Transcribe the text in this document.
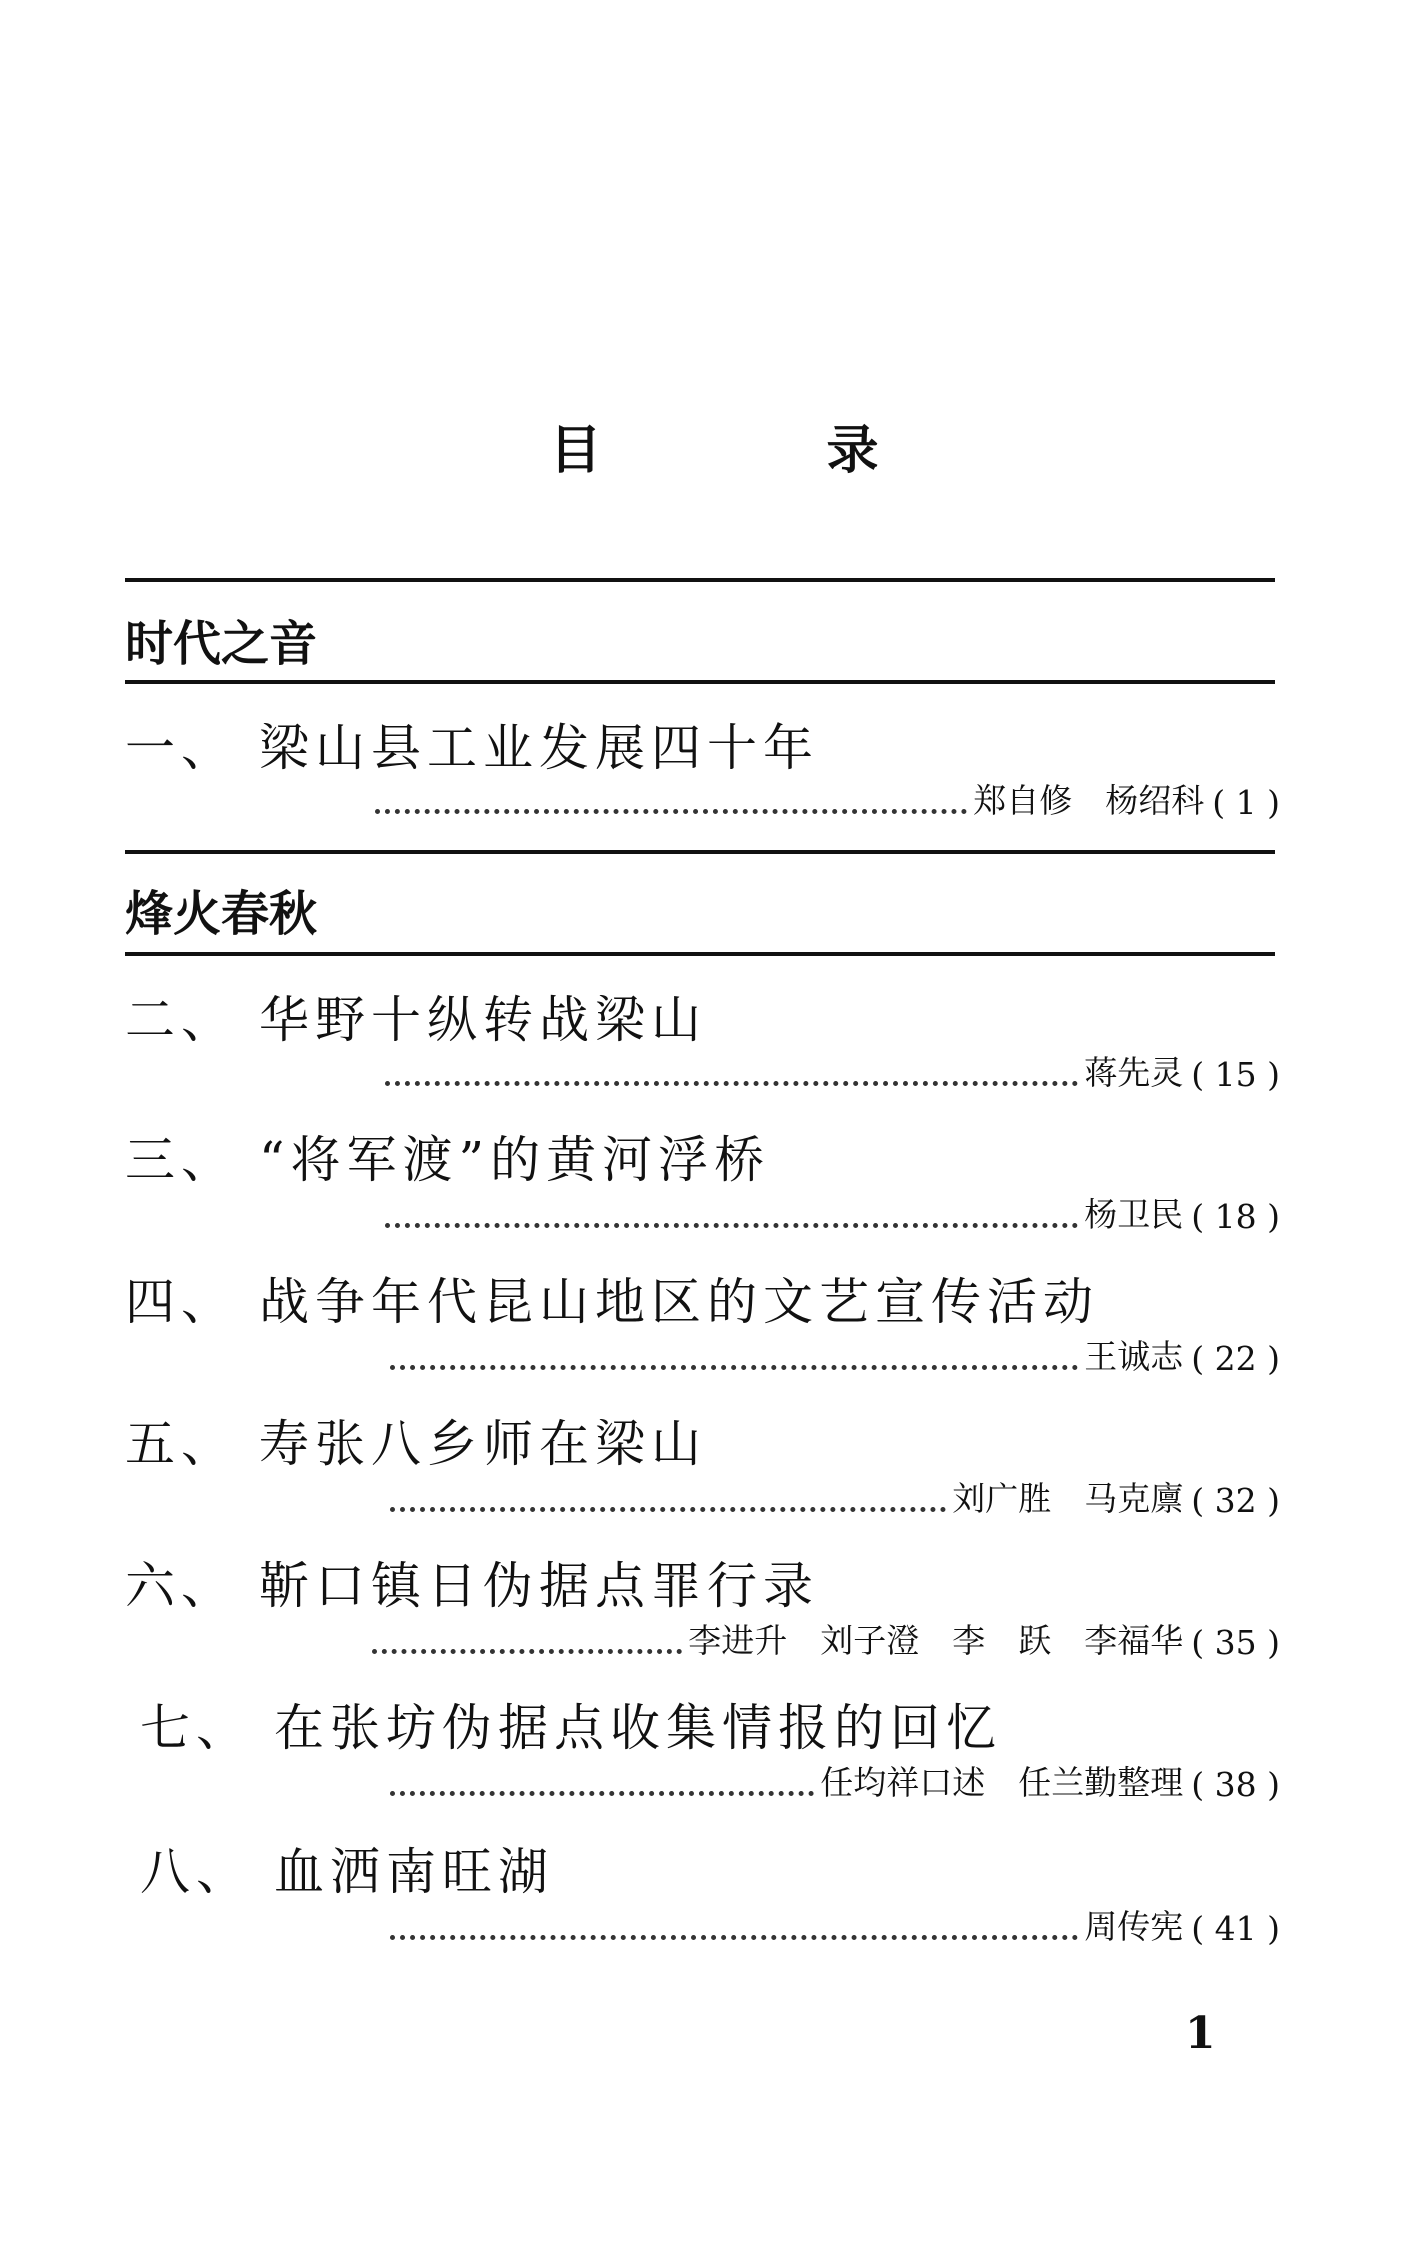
目	录
时代之音
一、 梁山县工业发展四十年
郑自修　杨绍科 ( 1 )
烽火春秋
二、 华野十纵转战梁山
蒋先灵 ( 15 )
三、 “将军渡”的黄河浮桥
杨卫民 ( 18 )
四、 战争年代昆山地区的文艺宣传活动
王诚志 ( 22 )
五、 寿张八乡师在梁山
刘广胜　马克廪 ( 32 )
六、 靳口镇日伪据点罪行录
李进升　刘子澄　李　跃　李福华 ( 35 )
七、 在张坊伪据点收集情报的回忆
任均祥口述　任兰勤整理 ( 38 )
八、 血洒南旺湖
周传宪 ( 41 )
1
